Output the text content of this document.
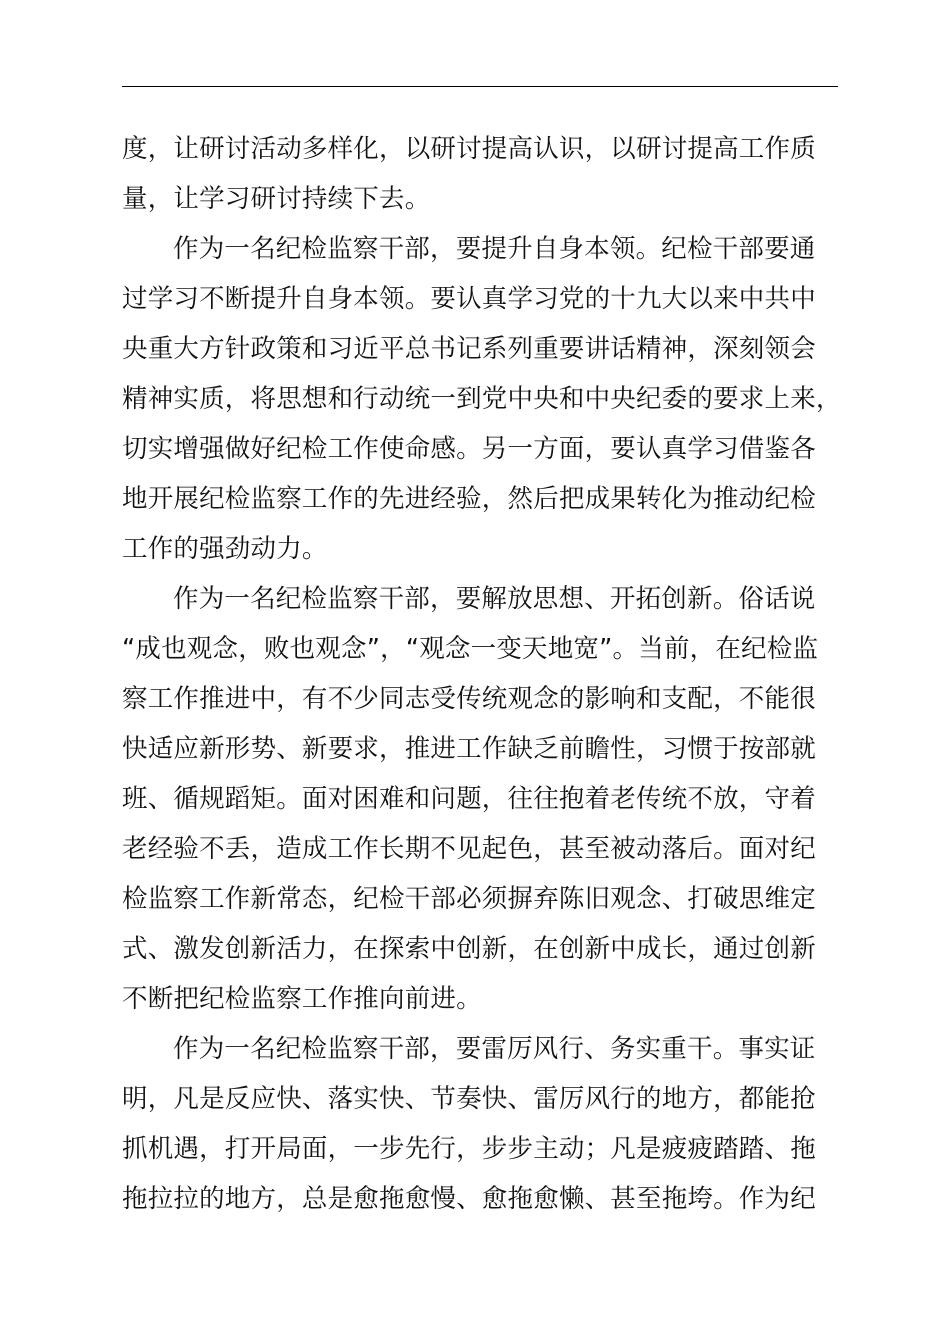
度，让研讨活动多样化，以研讨提高认识，以研讨提高工作质
量，让学习研讨持续下去。
作为一名纪检监察干部，要提升自身本领。纪检干部要通
过学习不断提升自身本领。要认真学习党的十九大以来中共中
央重大方针政策和习近平总书记系列重要讲话精神，深刻领会
精神实质，将思想和行动统一到党中央和中央纪委的要求上来，
切实增强做好纪检工作使命感。另一方面，要认真学习借鉴各
地开展纪检监察工作的先进经验，然后把成果转化为推动纪检
工作的强劲动力。
作为一名纪检监察干部，要解放思想、开拓创新。俗话说
“成也观念，败也观念”，“观念一变天地宽”。当前，在纪检监
察工作推进中，有不少同志受传统观念的影响和支配，不能很
快适应新形势、新要求，推进工作缺乏前瞻性，习惯于按部就
班、循规蹈矩。面对困难和问题，往往抱着老传统不放，守着
老经验不丢，造成工作长期不见起色，甚至被动落后。面对纪
检监察工作新常态，纪检干部必须摒弃陈旧观念、打破思维定
式、激发创新活力，在探索中创新，在创新中成长，通过创新
不断把纪检监察工作推向前进。
作为一名纪检监察干部，要雷厉风行、务实重干。事实证
明，凡是反应快、落实快、节奏快、雷厉风行的地方，都能抢
抓机遇，打开局面，一步先行，步步主动；凡是疲疲踏踏、拖
拖拉拉的地方，总是愈拖愈慢、愈拖愈懒、甚至拖垮。作为纪
